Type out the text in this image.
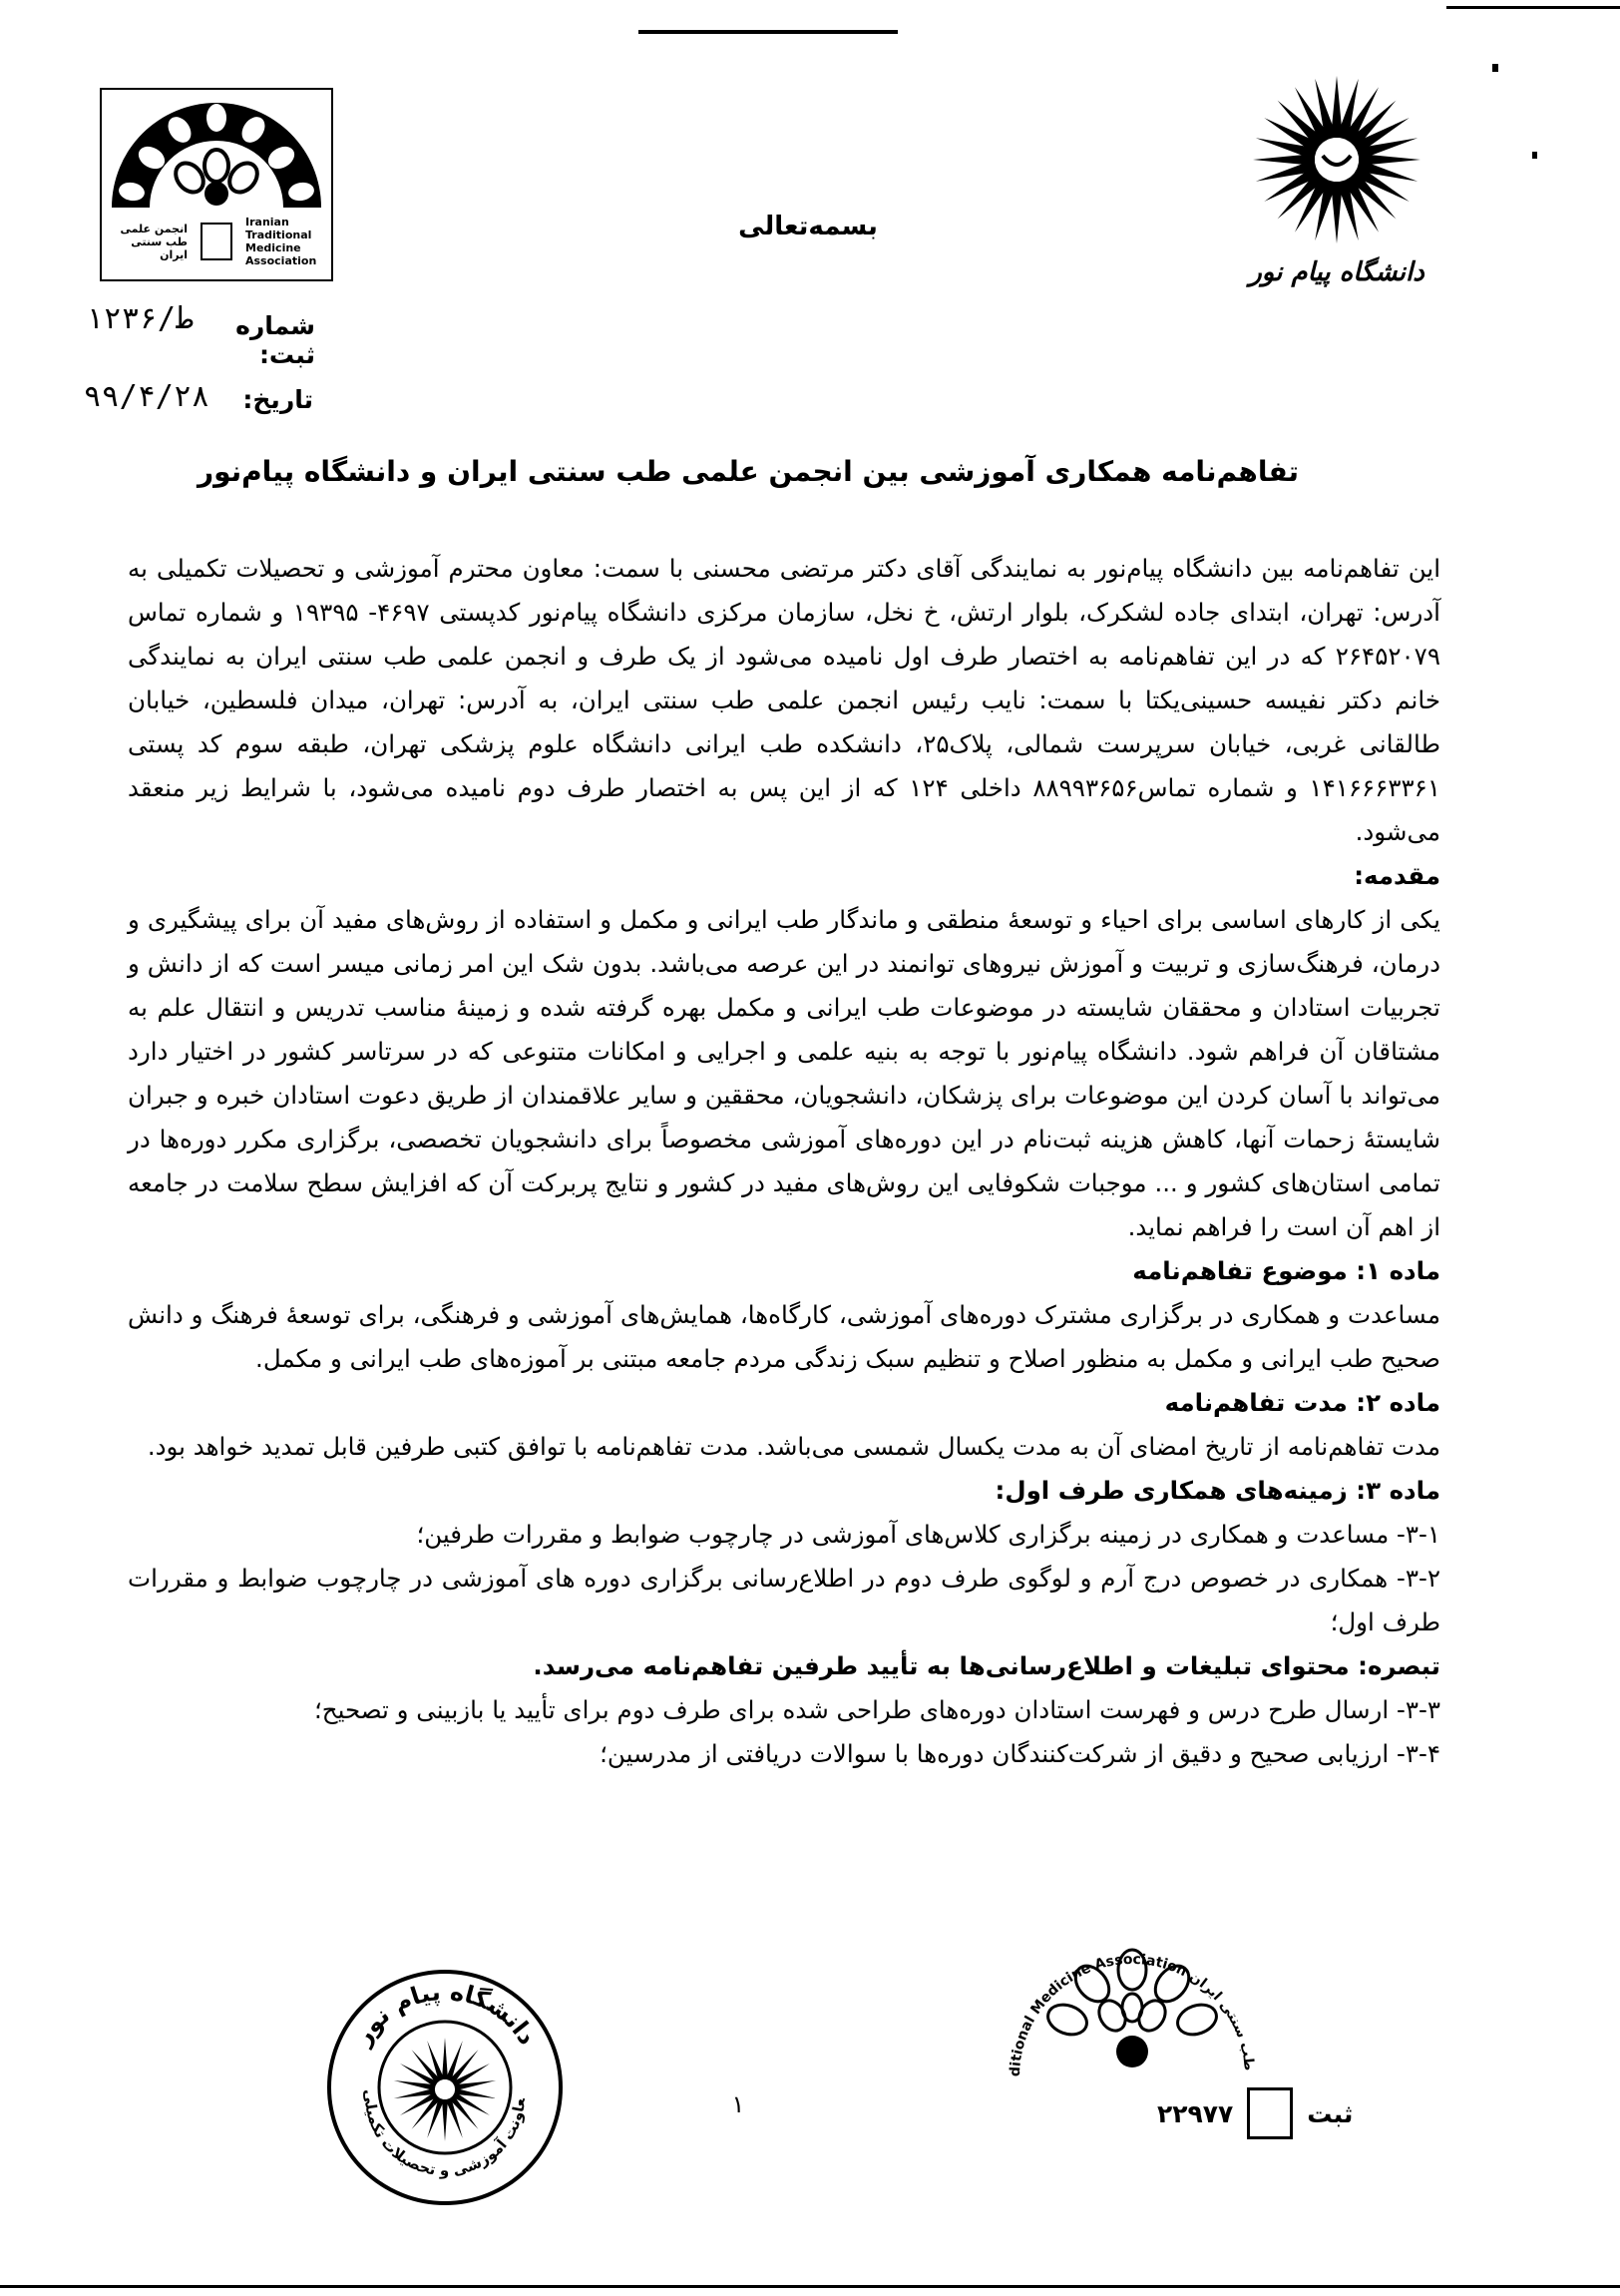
دانشگاه پیام نور
Iranian Traditional Medicine Association
انجمن علمی طب سنتی ایران
بسمه‌تعالی
شماره ثبت:
۱۲۳۶/ط
تاریخ:
۹۹/۴/۲۸
تفاهم‌نامه همکاری آموزشی بین انجمن علمی طب سنتی ایران و دانشگاه پیام‌نور

این تفاهم‌نامه بین دانشگاه پیام‌نور به نمایندگی آقای دکتر مرتضی محسنی با سمت: معاون محترم آموزشی و تحصیلات تکمیلی به آدرس: تهران، ابتدای جاده لشکرک، بلوار ارتش، خ نخل، سازمان مرکزی دانشگاه پیام‌نور کدپستی ۴۶۹۷- ۱۹۳۹۵ و شماره تماس ۲۶۴۵۲۰۷۹ که در این تفاهم‌نامه به اختصار طرف اول نامیده می‌شود از یک طرف و انجمن علمی طب سنتی ایران به نمایندگی خانم دکتر نفیسه حسینی‌یکتا با سمت: نایب رئیس انجمن علمی طب سنتی ایران، به آدرس: تهران، میدان فلسطین، خیابان طالقانی غربی، خیابان سرپرست شمالی، پلاک۲۵، دانشکده طب ایرانی دانشگاه علوم پزشکی تهران، طبقه سوم کد پستی ۱۴۱۶۶۶۳۳۶۱ و شماره تماس۸۸۹۹۳۶۵۶ داخلی ۱۲۴ که از این پس به اختصار طرف دوم نامیده می‌شود، با شرایط زیر منعقد می‌شود.

مقدمه:

یکی از کارهای اساسی برای احیاء و توسعهٔ منطقی و ماندگار طب ایرانی و مکمل و استفاده از روش‌های مفید آن برای پیشگیری و درمان، فرهنگ‌سازی و تربیت و آموزش نیروهای توانمند در این عرصه می‌باشد. بدون شک این امر زمانی میسر است که از دانش و تجربیات استادان و محققان شایسته در موضوعات طب ایرانی و مکمل بهره گرفته شده و زمینهٔ مناسب تدریس و انتقال علم به مشتاقان آن فراهم شود. دانشگاه پیام‌نور با توجه به بنیه علمی و اجرایی و امکانات متنوعی که در سرتاسر کشور در اختیار دارد می‌تواند با آسان کردن این موضوعات برای پزشکان، دانشجویان، محققین و سایر علاقمندان از طریق دعوت استادان خبره و جبران شایستهٔ زحمات آنها، کاهش هزینه ثبت‌نام در این دوره‌های آموزشی مخصوصاً برای دانشجویان تخصصی، برگزاری مکرر دوره‌ها در تمامی استان‌های کشور و ... موجبات شکوفایی این روش‌های مفید در کشور و نتایج پربرکت آن که افزایش سطح سلامت در جامعه از اهم آن است را فراهم نماید.

ماده ۱: موضوع تفاهم‌نامه

مساعدت و همکاری در برگزاری مشترک دوره‌های آموزشی، کارگاه‌ها، همایش‌های آموزشی و فرهنگی، برای توسعهٔ فرهنگ و دانش صحیح طب ایرانی و مکمل به منظور اصلاح و تنظیم سبک زندگی مردم جامعه مبتنی بر آموزه‌های طب ایرانی و مکمل.

ماده ۲: مدت تفاهم‌نامه

مدت تفاهم‌نامه از تاریخ امضای آن به مدت یکسال شمسی می‌باشد. مدت تفاهم‌نامه با توافق کتبی طرفین قابل تمدید خواهد بود.

ماده ۳: زمینه‌های همکاری طرف اول:

۳-۱- مساعدت و همکاری در زمینه برگزاری کلاس‌های آموزشی در چارچوب ضوابط و مقررات طرفین؛

۳-۲- همکاری در خصوص درج آرم و لوگوی طرف دوم در اطلاع‌رسانی برگزاری دوره های آموزشی در چارچوب ضوابط و مقررات طرف اول؛

تبصره: محتوای تبلیغات و اطلاع‌رسانی‌ها به تأیید طرفین تفاهم‌نامه می‌رسد.

۳-۳- ارسال طرح درس و فهرست استادان دوره‌های طراحی شده برای طرف دوم برای تأیید یا بازبینی و تصحیح؛

۳-۴- ارزیابی صحیح و دقیق از شرکت‌کنندگان دوره‌ها با سوالات دریافتی از مدرسین؛

دانشگاه پیام نور
عاونت آموزشی و تحصیلات تکمیلی
۱
طب سنتی ایران ditional Medicine Association
ثبت
۲۲۹۷۷
